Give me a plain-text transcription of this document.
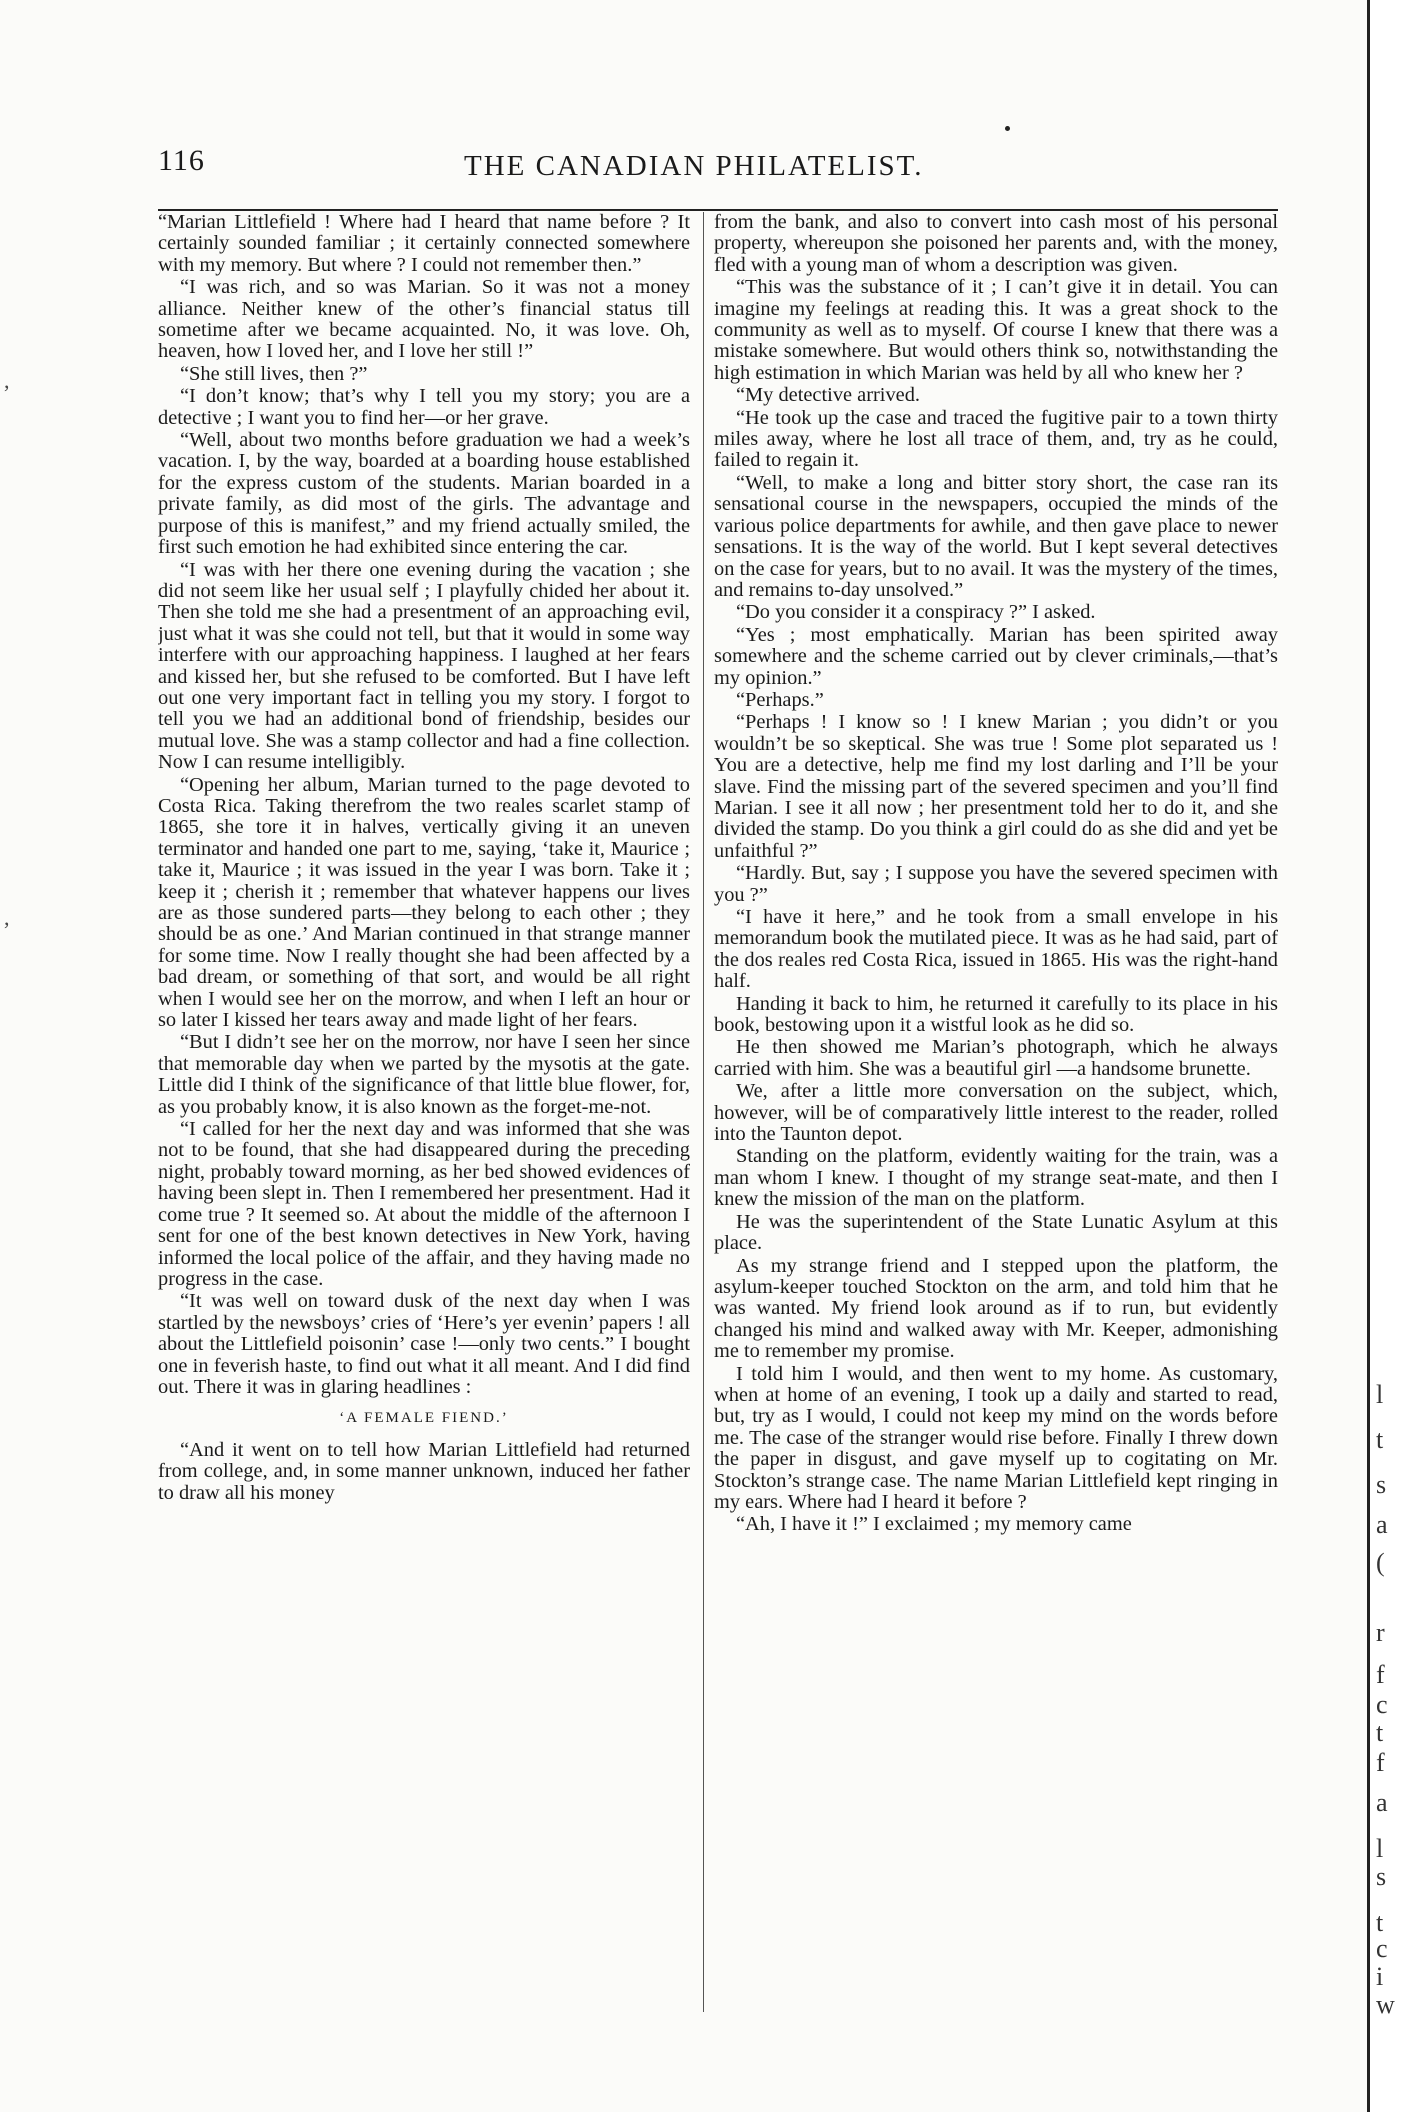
116	THE CANADIAN PHILATELIST.

“Marian Littlefield ! Where had I heard that name before ? It certainly sounded familiar ; it certainly connected somewhere with my memory. But where ? I could not remember then.”

“I was rich, and so was Marian. So it was not a money alliance. Neither knew of the other’s financial status till sometime after we became acquainted. No, it was love. Oh, heaven, how I loved her, and I love her still !”

“She still lives, then ?”

“I don’t know; that’s why I tell you my story; you are a detective ; I want you to find her—or her grave.

“Well, about two months before graduation we had a week’s vacation. I, by the way, boarded at a boarding house established for the express custom of the students. Marian boarded in a private family, as did most of the girls. The advantage and purpose of this is manifest,” and my friend actually smiled, the first such emotion he had exhibited since entering the car.

“I was with her there one evening during the vacation ; she did not seem like her usual self ; I playfully chided her about it. Then she told me she had a presentment of an approaching evil, just what it was she could not tell, but that it would in some way interfere with our approaching happiness. I laughed at her fears and kissed her, but she refused to be comforted. But I have left out one very important fact in telling you my story. I forgot to tell you we had an additional bond of friendship, besides our mutual love. She was a stamp collector and had a fine collection. Now I can resume intelligibly.

“Opening her album, Marian turned to the page devoted to Costa Rica. Taking therefrom the two reales scarlet stamp of 1865, she tore it in halves, vertically giving it an uneven terminator and handed one part to me, saying, ‘take it, Maurice ; take it, Maurice ; it was issued in the year I was born. Take it ; keep it ; cherish it ; remember that whatever happens our lives are as those sundered parts—they belong to each other ; they should be as one.’ And Marian continued in that strange manner for some time. Now I really thought she had been affected by a bad dream, or something of that sort, and would be all right when I would see her on the morrow, and when I left an hour or so later I kissed her tears away and made light of her fears.

“But I didn’t see her on the morrow, nor have I seen her since that memorable day when we parted by the mysotis at the gate. Little did I think of the significance of that little blue flower, for, as you probably know, it is also known as the forget-me-not.

“I called for her the next day and was informed that she was not to be found, that she had disappeared during the preceding night, probably toward morning, as her bed showed evidences of having been slept in. Then I remembered her presentment. Had it come true ? It seemed so. At about the middle of the afternoon I sent for one of the best known detectives in New York, having informed the local police of the affair, and they having made no progress in the case.

“It was well on toward dusk of the next day when I was startled by the newsboys’ cries of ‘Here’s yer evenin’ papers ! all about the Littlefield poisonin’ case !—only two cents.” I bought one in feverish haste, to find out what it all meant. And I did find out. There it was in glaring headlines :

‘A FEMALE FIEND.’

“And it went on to tell how Marian Littlefield had returned from college, and, in some manner unknown, induced her father to draw all his money

from the bank, and also to convert into cash most of his personal property, whereupon she poisoned her parents and, with the money, fled with a young man of whom a description was given.

“This was the substance of it ; I can’t give it in detail. You can imagine my feelings at reading this. It was a great shock to the community as well as to myself. Of course I knew that there was a mistake somewhere. But would others think so, notwithstanding the high estimation in which Marian was held by all who knew her ?

“My detective arrived.

“He took up the case and traced the fugitive pair to a town thirty miles away, where he lost all trace of them, and, try as he could, failed to regain it.

“Well, to make a long and bitter story short, the case ran its sensational course in the newspapers, occupied the minds of the various police departments for awhile, and then gave place to newer sensations. It is the way of the world. But I kept several detectives on the case for years, but to no avail. It was the mystery of the times, and remains to-day unsolved.”

“Do you consider it a conspiracy ?” I asked.

“Yes ; most emphatically. Marian has been spirited away somewhere and the scheme carried out by clever criminals,—that’s my opinion.”

“Perhaps.”

“Perhaps ! I know so ! I knew Marian ; you didn’t or you wouldn’t be so skeptical. She was true ! Some plot separated us ! You are a detective, help me find my lost darling and I’ll be your slave. Find the missing part of the severed specimen and you’ll find Marian. I see it all now ; her presentment told her to do it, and she divided the stamp. Do you think a girl could do as she did and yet be unfaithful ?”

“Hardly. But, say ; I suppose you have the severed specimen with you ?”

“I have it here,” and he took from a small envelope in his memorandum book the mutilated piece. It was as he had said, part of the dos reales red Costa Rica, issued in 1865. His was the right-hand half.

Handing it back to him, he returned it carefully to its place in his book, bestowing upon it a wistful look as he did so.

He then showed me Marian’s photograph, which he always carried with him. She was a beautiful girl —a handsome brunette.

We, after a little more conversation on the subject, which, however, will be of comparatively little interest to the reader, rolled into the Taunton depot.

Standing on the platform, evidently waiting for the train, was a man whom I knew. I thought of my strange seat-mate, and then I knew the mission of the man on the platform.

He was the superintendent of the State Lunatic Asylum at this place.

As my strange friend and I stepped upon the platform, the asylum-keeper touched Stockton on the arm, and told him that he was wanted. My friend look around as if to run, but evidently changed his mind and walked away with Mr. Keeper, admonishing me to remember my promise.

I told him I would, and then went to my home. As customary, when at home of an evening, I took up a daily and started to read, but, try as I would, I could not keep my mind on the words before me. The case of the stranger would rise before. Finally I threw down the paper in disgust, and gave myself up to cogitating on Mr. Stockton’s strange case. The name Marian Littlefield kept ringing in my ears. Where had I heard it before ?

“Ah, I have it !” I exclaimed ; my memory came

,
,
l
t
s
a
(
r
f
c
t
f
a
l
s
t
c
i
w
